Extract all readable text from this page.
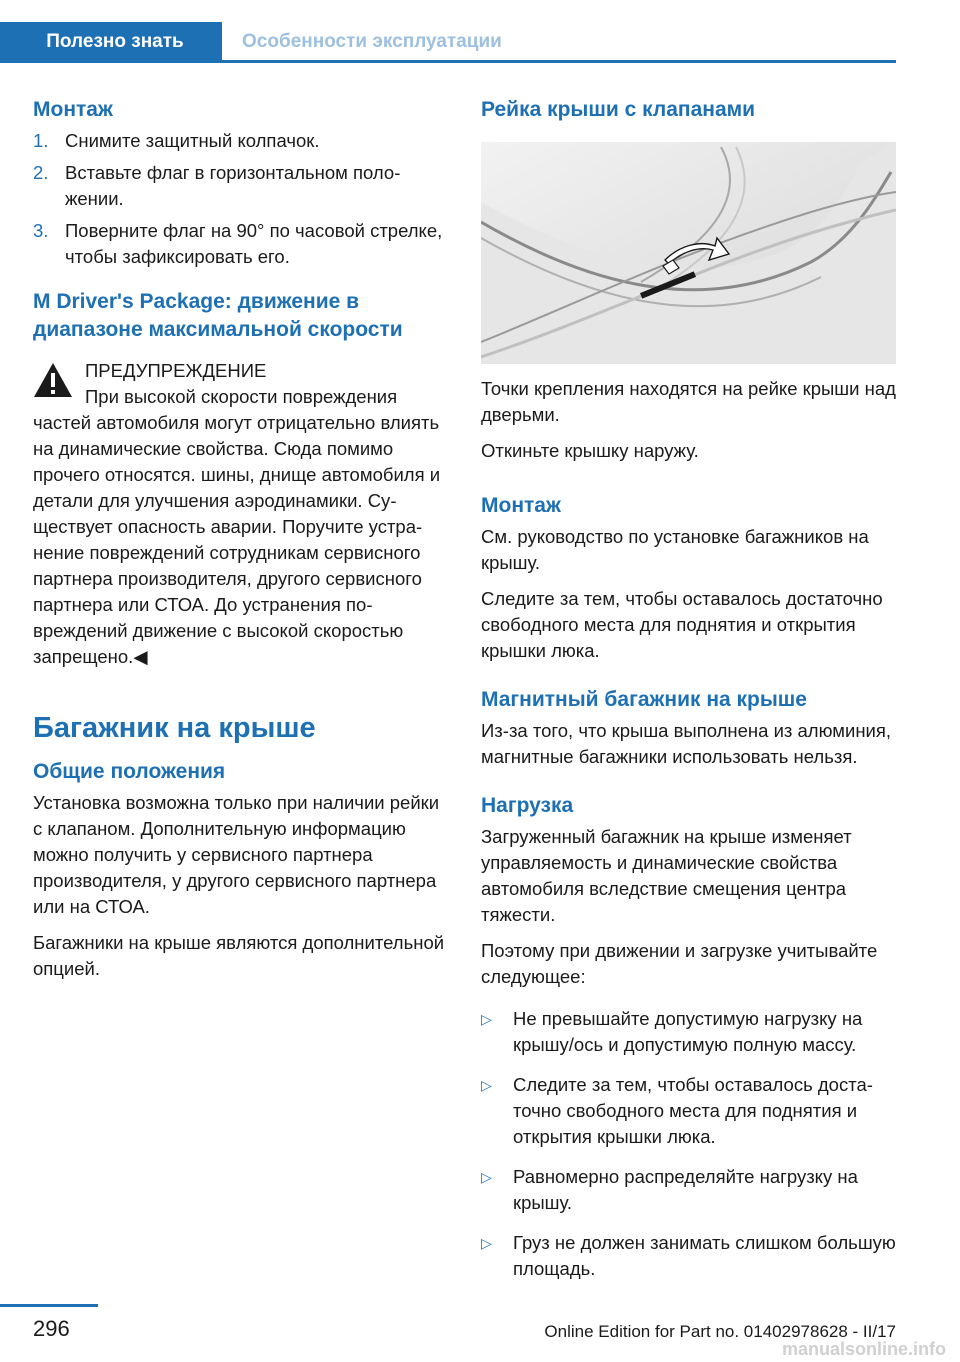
Полезно знать	Особенности эксплуатации
Монтаж
1. Снимите защитный колпачок.
2. Вставьте флаг в горизонтальном положении.
3. Поверните флаг на 90° по часовой стрелке, чтобы зафиксировать его.
M Driver's Package: движение в диапазоне максимальной скорости

ПРЕДУПРЕЖДЕНИЕ

При высокой скорости повреждения

частей автомобиля могут отрицательно влиять на динамические свойства. Сюда помимо прочего относятся. шины, днище автомобиля и детали для улучшения аэродинамики. Существует опасность аварии. Поручите устранение повреждений сотрудникам сервисного партнера производителя, другого сервисного партнера или СТОА. До устранения повреждений движение с высокой скоростью запрещено.◀

Багажник на крыше
Общие положения

Установка возможна только при наличии рейки с клапаном. Дополнительную информацию можно получить у сервисного партнера производителя, у другого сервисного партнера или на СТОА.

Багажники на крыше являются дополнительной опцией.

Рейка крыши с клапанами

Точки крепления находятся на рейке крыши над дверьми.

Откиньте крышку наружу.

Монтаж

См. руководство по установке багажников на крышу.

Следите за тем, чтобы оставалось достаточно свободного места для поднятия и открытия крышки люка.

Магнитный багажник на крыше

Из-за того, что крыша выполнена из алюминия, магнитные багажники использовать нельзя.

Нагрузка

Загруженный багажник на крыше изменяет управляемость и динамические свойства автомобиля вследствие смещения центра тяжести.

Поэтому при движении и загрузке учитывайте следующее:

▷ Не превышайте допустимую нагрузку на крышу/ось и допустимую полную массу.
▷ Следите за тем, чтобы оставалось достаточно свободного места для поднятия и открытия крышки люка.
▷ Равномерно распределяйте нагрузку на крышу.
▷ Груз не должен занимать слишком большую площадь.
296	Online Edition for Part no. 01402978628 - II/17
manualsonline.info
